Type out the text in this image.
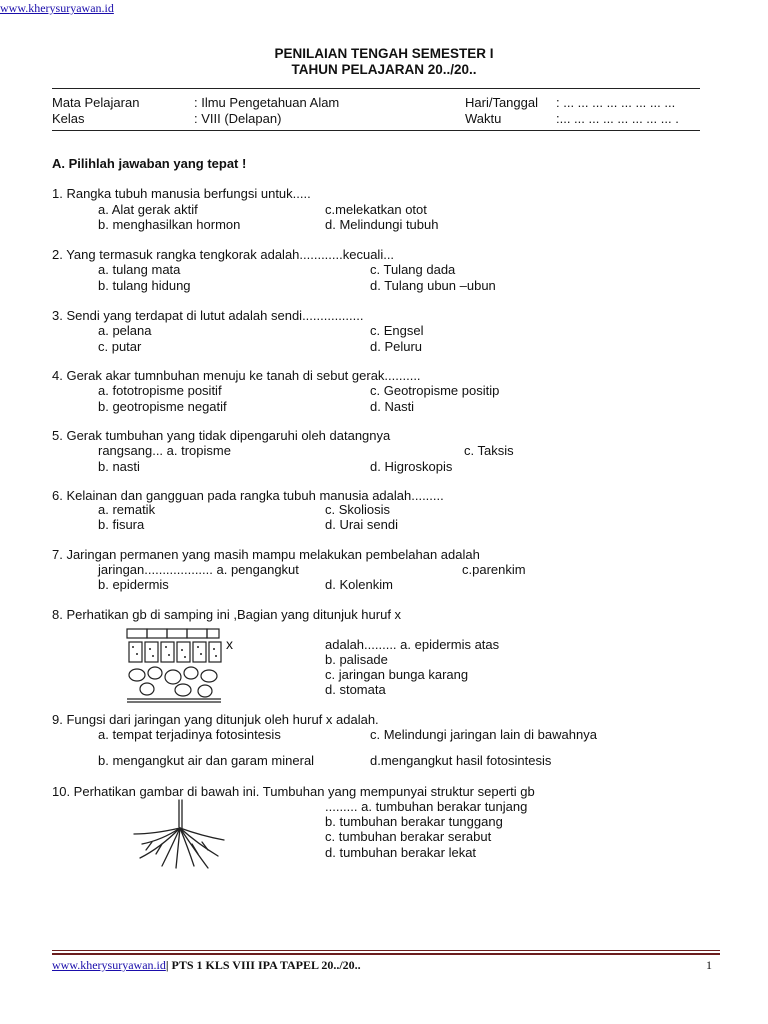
www.kherysuryawan.id
PENILAIAN TENGAH SEMESTER I
TAHUN PELAJARAN 20../20..
Mata Pelajaran	: Ilmu Pengetahuan Alam	Hari/Tanggal : ... ... ... ... ... ... ... ...
Kelas	: VIII (Delapan)	Waktu	:... ... ... ... ... ... ... ... .
A. Pilihlah jawaban yang tepat !
1. Rangka tubuh manusia berfungsi untuk.....
a. Alat gerak aktif	c.melekatkan otot
b. menghasilkan hormon	d. Melindungi tubuh
2. Yang termasuk rangka tengkorak adalah............kecuali...
a. tulang mata	c. Tulang dada
b. tulang hidung	d. Tulang ubun –ubun
3. Sendi yang terdapat di lutut adalah sendi.................
a. pelana	c. Engsel
c. putar	d. Peluru
4. Gerak akar tumnbuhan menuju ke tanah di sebut gerak..........
a. fototropisme positif	c. Geotropisme positip
b. geotropisme negatif	d. Nasti
5. Gerak tumbuhan yang tidak dipengaruhi oleh datangnya
rangsang... a. tropisme	c. Taksis
b. nasti	d. Higroskopis
6. Kelainan dan gangguan pada rangka tubuh manusia adalah.........
a. rematik	c. Skoliosis
b. fisura	d. Urai sendi
7. Jaringan permanen yang masih mampu melakukan pembelahan adalah
jaringan................... a. pengangkut	c.parenkim
b. epidermis	d. Kolenkim
8. Perhatikan gb di samping ini ,Bagian yang ditunjuk huruf x
x	adalah......... a. epidermis atas
b. palisade
c. jaringan bunga karang
d. stomata
9. Fungsi dari jaringan yang ditunjuk oleh huruf x adalah.
a. tempat terjadinya fotosintesis	c. Melindungi jaringan lain di bawahnya
b. mengangkut air dan garam mineral	d.mengangkut hasil fotosintesis
10. Perhatikan gambar di bawah ini. Tumbuhan yang mempunyai struktur seperti gb
......... a. tumbuhan berakar tunjang
b. tumbuhan berakar tunggang
c. tumbuhan berakar serabut
d. tumbuhan berakar lekat
www.kherysuryawan.id| PTS 1 KLS VIII IPA TAPEL 20../20..	1
